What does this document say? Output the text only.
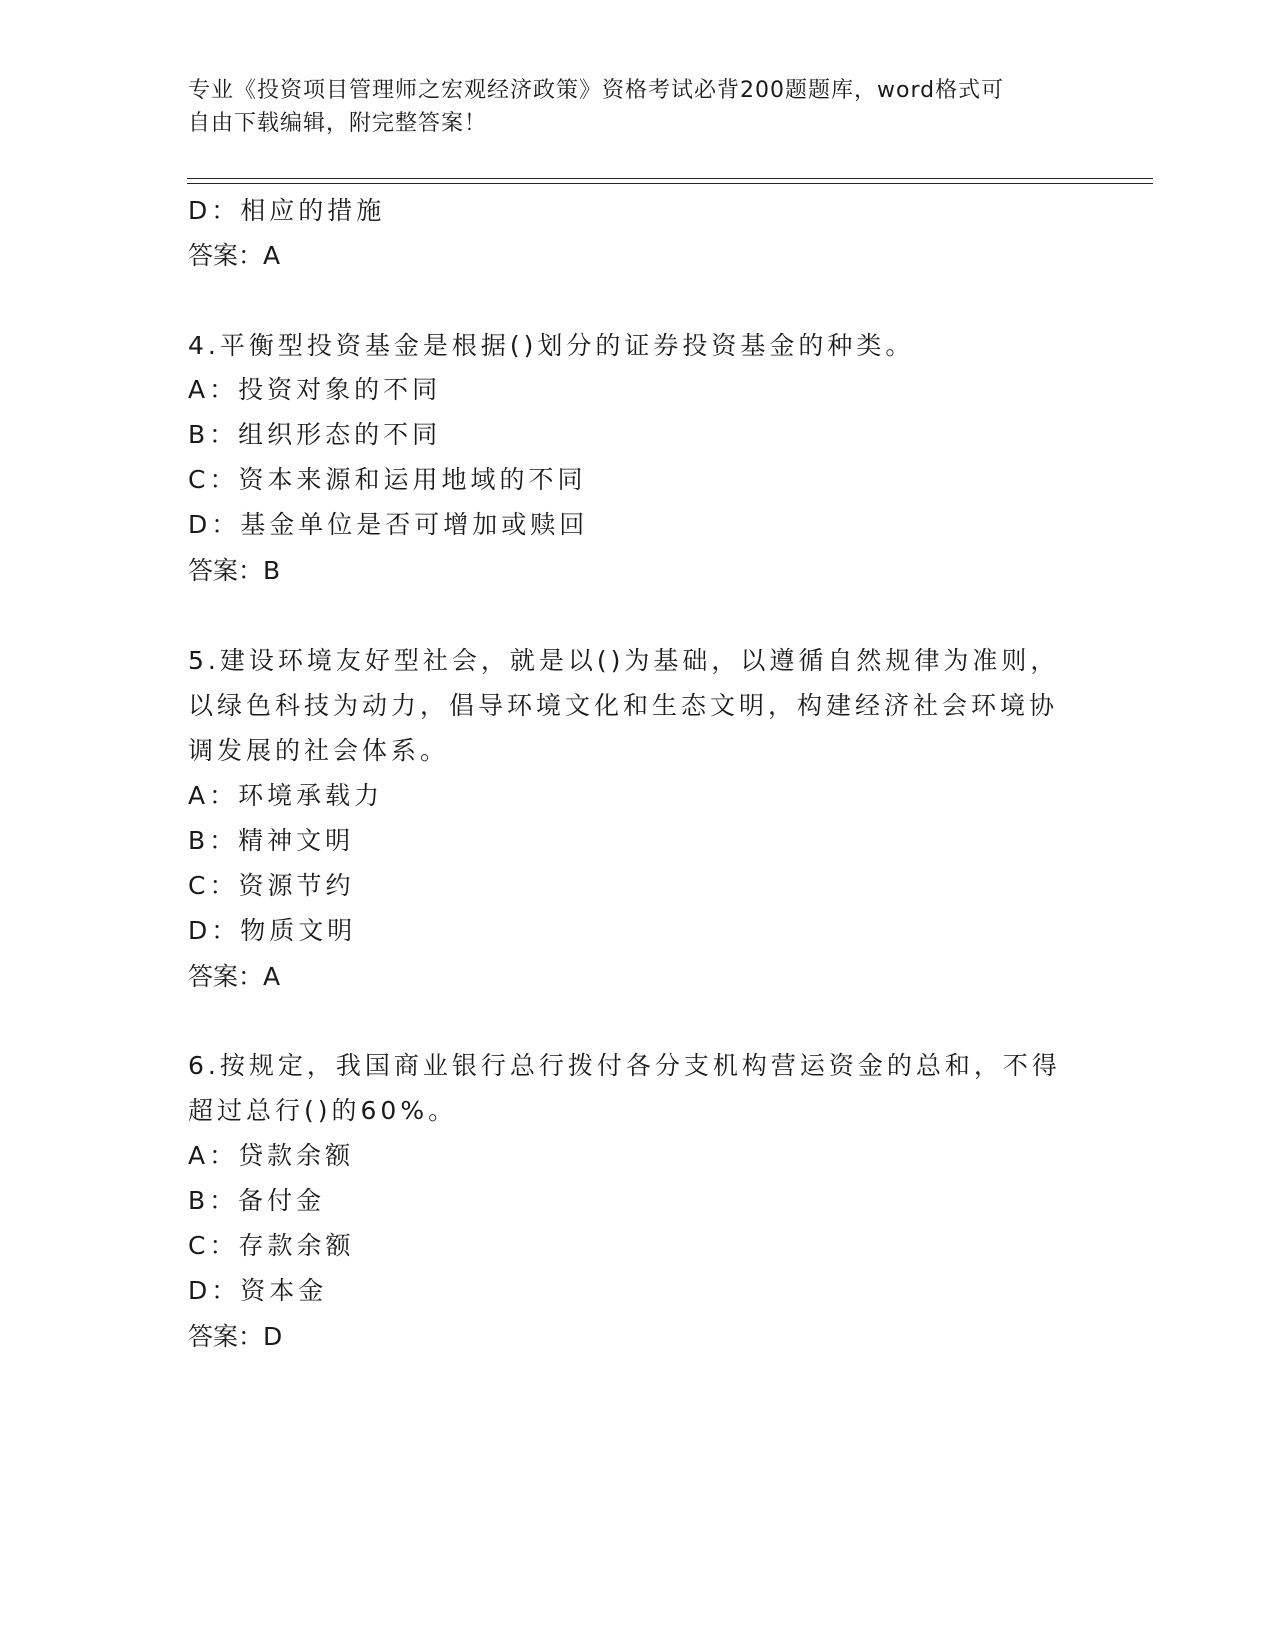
专业《投资项目管理师之宏观经济政策》资格考试必背200题题库，word格式可
自由下载编辑，附完整答案！
D：相应的措施
答案：A
4.平衡型投资基金是根据()划分的证券投资基金的种类。
A：投资对象的不同
B：组织形态的不同
C：资本来源和运用地域的不同
D：基金单位是否可增加或赎回
答案：B
5.建设环境友好型社会，就是以()为基础，以遵循自然规律为准则，
以绿色科技为动力，倡导环境文化和生态文明，构建经济社会环境协
调发展的社会体系。
A：环境承载力
B：精神文明
C：资源节约
D：物质文明
答案：A
6.按规定，我国商业银行总行拨付各分支机构营运资金的总和，不得
超过总行()的60%。
A：贷款余额
B：备付金
C：存款余额
D：资本金
答案：D
